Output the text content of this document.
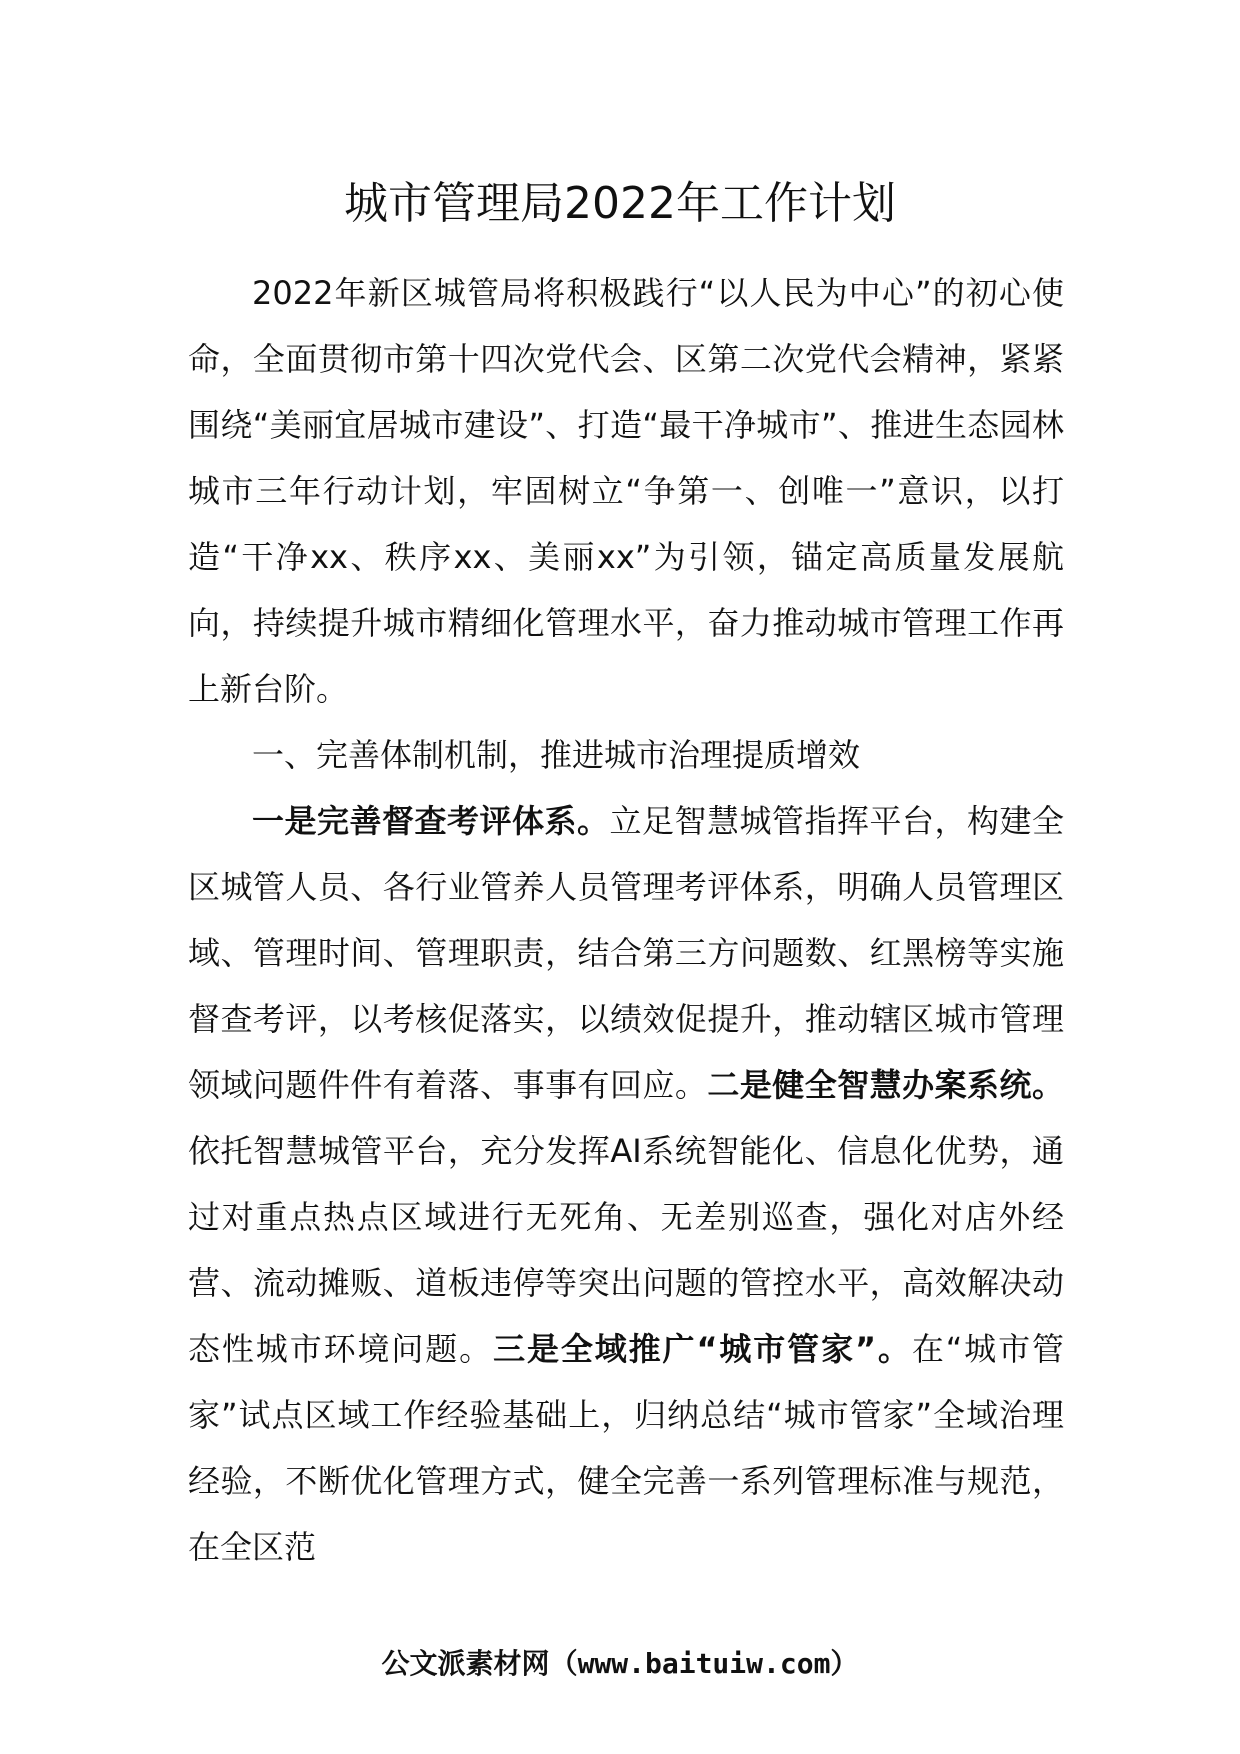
城市管理局2022年工作计划

2022年新区城管局将积极践行“以人民为中心”的初心使命，全面贯彻市第十四次党代会、区第二次党代会精神，紧紧围绕“美丽宜居城市建设”、打造“最干净城市”、推进生态园林城市三年行动计划，牢固树立“争第一、创唯一”意识，以打造“干净xx、秩序xx、美丽xx”为引领，锚定高质量发展航向，持续提升城市精细化管理水平，奋力推动城市管理工作再上新台阶。

一、完善体制机制，推进城市治理提质增效

一是完善督查考评体系。立足智慧城管指挥平台，构建全区城管人员、各行业管养人员管理考评体系，明确人员管理区域、管理时间、管理职责，结合第三方问题数、红黑榜等实施督查考评，以考核促落实，以绩效促提升，推动辖区城市管理领域问题件件有着落、事事有回应。二是健全智慧办案系统。依托智慧城管平台，充分发挥AI系统智能化、信息化优势，通过对重点热点区域进行无死角、无差别巡查，强化对店外经营、流动摊贩、道板违停等突出问题的管控水平，高效解决动态性城市环境问题。三是全域推广“城市管家”。在“城市管家”试点区域工作经验基础上，归纳总结“城市管家”全域治理经验，不断优化管理方式，健全完善一系列管理标准与规范，在全区范

公文派素材网（www.baituiw.com）
